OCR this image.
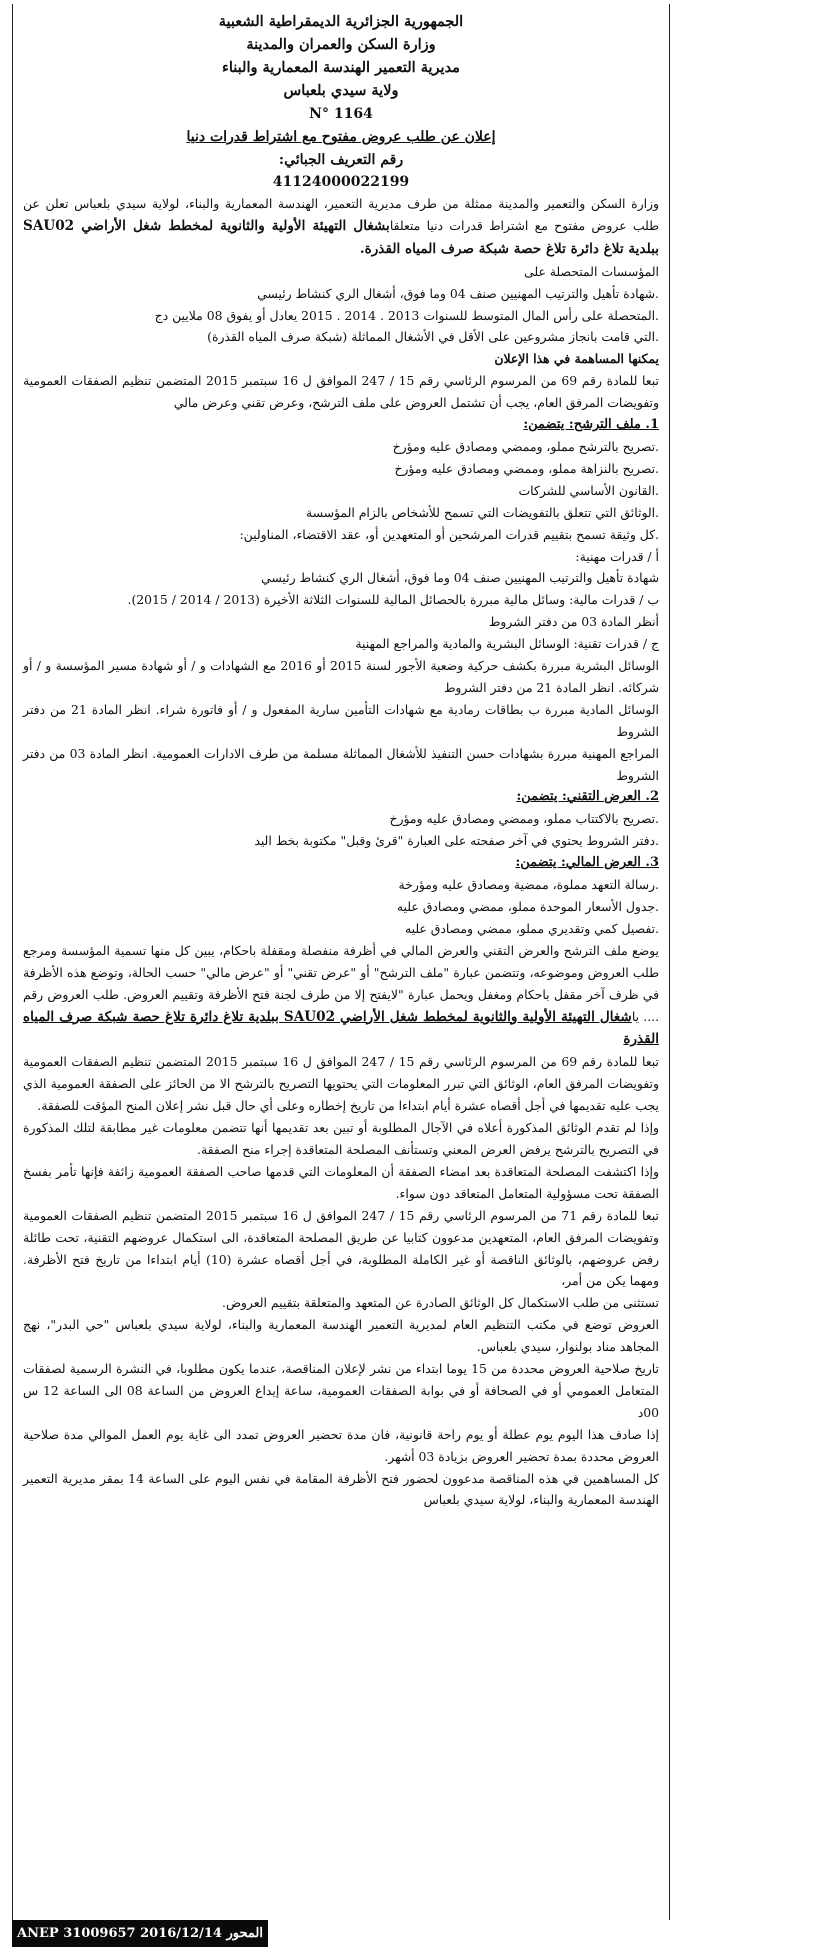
الجمهورية الجزائرية الديمقراطية الشعبية
وزارة السكن والعمران والمدينة
مديرية التعمير الهندسة المعمارية والبناء
ولاية سيدي بلعباس
N° 1164
إعلان عن طلب عروض مفتوح مع اشتراط قدرات دنيا
رقم التعريف الجبائي:
41124000022199

وزارة السكن والتعمير والمدينة ممثلة من طرف مديرية التعمير، الهندسة المعمارية والبناء، لولاية سيدي بلعباس تعلن عن طلب عروض مفتوح مع اشتراط قدرات دنيا متعلقابشغال التهيئة الأولية والثانوية لمخطط شغل الأراضي SAU02 ببلدية تلاغ دائرة تلاغ حصة شبكة صرف المياه القذرة.

المؤسسات المتحصلة على

.شهادة تأهيل والترتيب المهنيين صنف 04 وما فوق، أشغال الري كنشاط رئيسي

.المتحصلة على رأس المال المتوسط للسنوات 2013 . 2014 . 2015 يعادل أو يفوق 08 ملايين دج

.التي قامت بانجاز مشروعين على الأقل في الأشغال المماثلة (شبكة صرف المياه القذرة)

يمكنها المساهمة في هذا الإعلان

تبعا للمادة رقم 69 من المرسوم الرئاسي رقم 15 / 247 الموافق ل 16 سبتمبر 2015 المتضمن تنظيم الصفقات العمومية وتفويضات المرفق العام، يجب أن تشتمل العروض على ملف الترشح، وعرض تقني وعرض مالي

1. ملف الترشح: يتضمن:

.تصريح بالترشح مملو، وممضي ومصادق عليه ومؤرخ

.تصريح بالنزاهة مملو، وممضي ومصادق عليه ومؤرخ

.القانون الأساسي للشركات

.الوثائق التي تتعلق بالتفويضات التي تسمح للأشخاص بالزام المؤسسة

.كل وثيقة تسمح بتقييم قدرات المرشحين أو المتعهدين أو، عقد الاقتضاء، المناولين:

أ / قدرات مهنية:

شهادة تأهيل والترتيب المهنيين صنف 04 وما فوق، أشغال الري كنشاط رئيسي

ب / قدرات مالية: وسائل مالية مبررة بالحصائل المالية للسنوات الثلاثة الأخيرة (2013 / 2014 / 2015).

أنظر المادة 03 من دفتر الشروط

ج / قدرات تقنية: الوسائل البشرية والمادية والمراجع المهنية

الوسائل البشرية مبررة بكشف حركية وضعية الأجور لسنة 2015 أو 2016 مع الشهادات و / أو شهادة مسير المؤسسة و / أو شركائه. انظر المادة 21 من دفتر الشروط

الوسائل المادية مبررة ب بطاقات رمادية مع شهادات التأمين سارية المفعول و / أو فاتورة شراء. انظر المادة 21 من دفتر الشروط

المراجع المهنية مبررة بشهادات حسن التنفيذ للأشغال المماثلة مسلمة من طرف الادارات العمومية. انظر المادة 03 من دفتر الشروط

2. العرض التقني: يتضمن:

.تصريح بالاكتتاب مملو، وممضي ومصادق عليه ومؤرخ

.دفتر الشروط يحتوي في آخر صفحته على العبارة "قرئ وقبل" مكتوبة بخط اليد

3. العرض المالي: يتضمن:

.رسالة التعهد مملوة، ممضية ومصادق عليه ومؤرخة

.جدول الأسعار الموحدة مملو، ممضي ومصادق عليه

.تفصيل كمي وتقديري مملو، ممضي ومصادق عليه

يوضع ملف الترشح والعرض التقني والعرض المالي في أظرفة منفصلة ومقفلة باحكام، يبين كل منها تسمية المؤسسة ومرجع طلب العروض وموضوعه، وتتضمن عبارة "ملف الترشح" أو "عرض تقني" أو "عرض مالي" حسب الحالة، وتوضع هذه الأظرفة في ظرف آخر مقفل باحكام ومغفل ويحمل عبارة "لايفتح إلا من طرف لجنة فتح الأظرفة وتقييم العروض. طلب العروض رقم .... ياشغال التهيئة الأولية والثانوية لمخطط شغل الأراضي SAU02 ببلدية تلاغ دائرة تلاغ حصة شبكة صرف المياه القذرة

تبعا للمادة رقم 69 من المرسوم الرئاسي رقم 15 / 247 الموافق ل 16 سبتمبر 2015 المتضمن تنظيم الصفقات العمومية وتفويضات المرفق العام، الوثائق التي تبرر المعلومات التي يحتويها التصريح بالترشح الا من الحائز على الصفقة العمومية الذي يجب عليه تقديمها في أجل أقصاه عشرة أيام ابتداءا من تاريخ إخطاره وعلى أي حال قبل نشر إعلان المنح المؤقت للصفقة.

وإذا لم تقدم الوثائق المذكورة أعلاه في الآجال المطلوبة أو تبين بعد تقديمها أنها تتضمن معلومات غير مطابقة لتلك المذكورة في التصريح بالترشح يرفض العرض المعني وتستأنف المصلحة المتعاقدة إجراء منح الصفقة.

وإذا اكتشفت المصلحة المتعاقدة بعد امضاء الصفقة أن المعلومات التي قدمها صاحب الصفقة العمومية زائفة فإنها تأمر بفسخ الصفقة تحت مسؤولية المتعامل المتعاقد دون سواء.

تبعا للمادة رقم 71 من المرسوم الرئاسي رقم 15 / 247 الموافق ل 16 سبتمبر 2015 المتضمن تنظيم الصفقات العمومية وتفويضات المرفق العام، المتعهدين مدعوون كتابيا عن طريق المصلحة المتعاقدة، الى استكمال عروضهم التقنية، تحت طائلة رفض عروضهم، بالوثائق الناقصة أو غير الكاملة المطلوبة، في أجل أقصاه عشرة (10) أيام ابتداءا من تاريخ فتح الأظرفة. ومهما يكن من أمر،

تستثنى من طلب الاستكمال كل الوثائق الصادرة عن المتعهد والمتعلقة بتقييم العروض.

العروض توضع في مكتب التنظيم العام لمديرية التعمير الهندسة المعمارية والبناء، لولاية سيدي بلعباس "حي البدر"، نهج المجاهد مناد بولنوار، سيدي بلعباس.

تاريخ صلاحية العروض محددة من 15 يوما ابتداء من نشر لإعلان المناقصة، عندما يكون مطلوبا، في النشرة الرسمية لصفقات المتعامل العمومي أو في الصحافة أو في بوابة الصفقات العمومية، ساعة إيداع العروض من الساعة 08 الى الساعة 12 س 00د

إذا صادف هذا اليوم يوم عطلة أو يوم راحة قانونية، فان مدة تحضير العروض تمدد الى غاية يوم العمل الموالي مدة صلاحية العروض محددة بمدة تحضير العروض بزيادة 03 أشهر.

كل المساهمين في هذه المناقصة مدعوون لحضور فتح الأظرفة المقامة في نفس اليوم على الساعة 14 بمقر مديرية التعمير الهندسة المعمارية والبناء، لولاية سيدي بلعباس

ANEP 31009657 المحور 2016/12/14
